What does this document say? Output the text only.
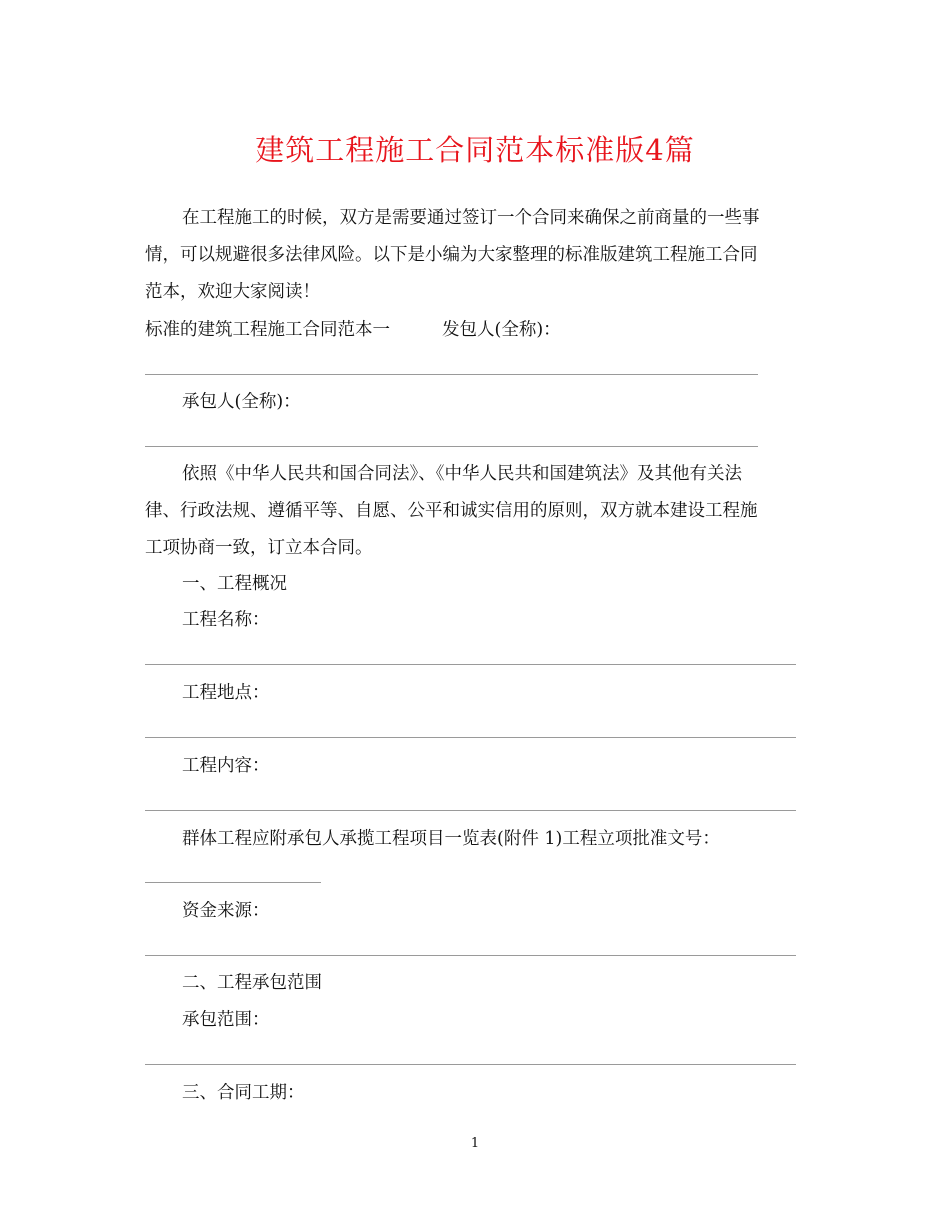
建筑工程施工合同范本标准版4篇
在工程施工的时候，双方是需要通过签订一个合同来确保之前商量的一些事
情，可以规避很多法律风险。以下是小编为大家整理的标准版建筑工程施工合同
范本，欢迎大家阅读！
标准的建筑工程施工合同范本一	发包人(全称)：
承包人(全称)：
依照《中华人民共和国合同法》、《中华人民共和国建筑法》及其他有关法
律、行政法规、遵循平等、自愿、公平和诚实信用的原则，双方就本建设工程施
工项协商一致，订立本合同。
一、工程概况
工程名称：
工程地点：
工程内容：
群体工程应附承包人承揽工程项目一览表(附件 1)工程立项批准文号：
资金来源：
二、工程承包范围
承包范围：
三、合同工期：
1
